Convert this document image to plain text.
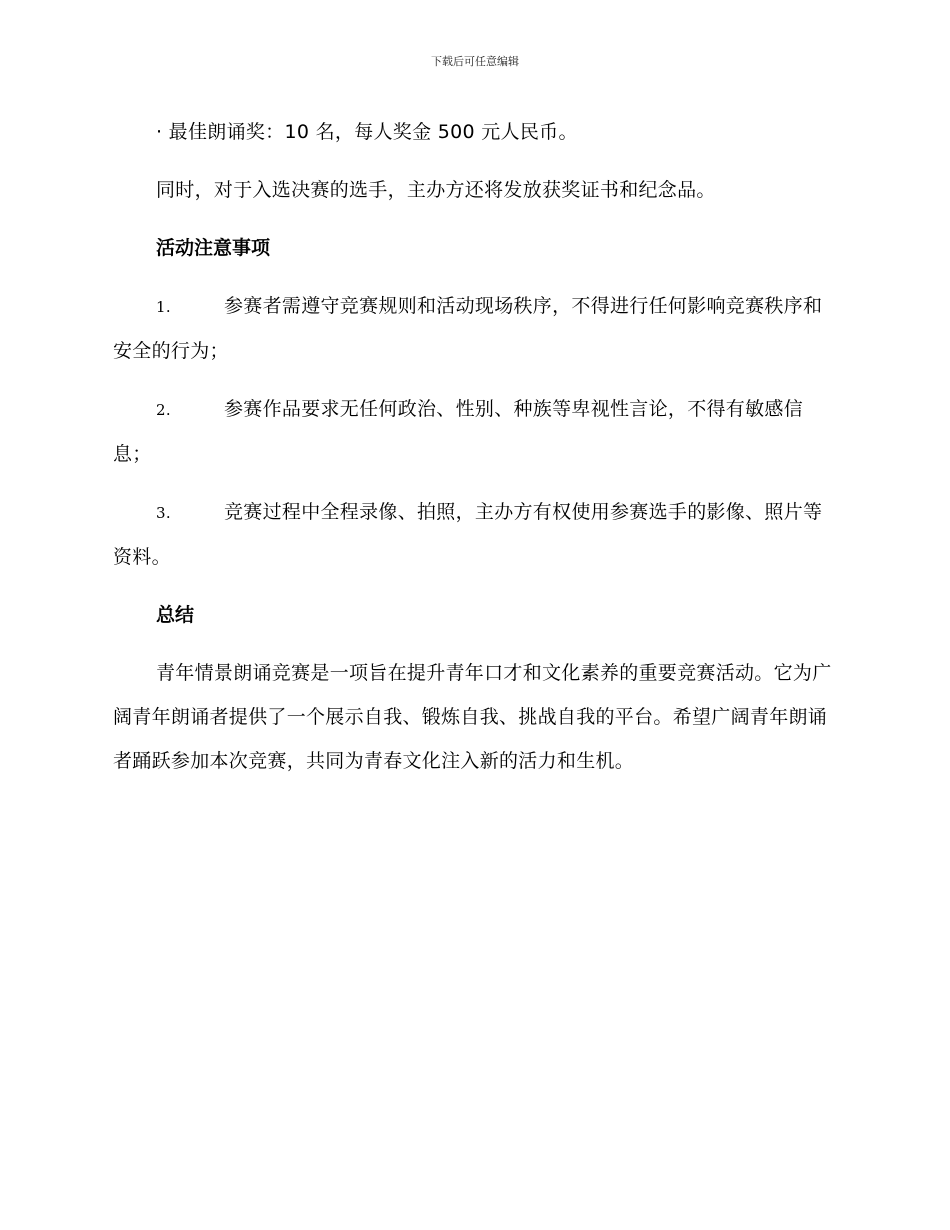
下载后可任意编辑

· 最佳朗诵奖：10 名，每人奖金 500 元人民币。

同时，对于入选决赛的选手，主办方还将发放获奖证书和纪念品。

活动注意事项

1.	参赛者需遵守竞赛规则和活动现场秩序，不得进行任何影响竞赛秩序和安全的行为；

2.	参赛作品要求无任何政治、性别、种族等卑视性言论，不得有敏感信息；

3.	竞赛过程中全程录像、拍照，主办方有权使用参赛选手的影像、照片等资料。

总结

青年情景朗诵竞赛是一项旨在提升青年口才和文化素养的重要竞赛活动。它为广阔青年朗诵者提供了一个展示自我、锻炼自我、挑战自我的平台。希望广阔青年朗诵者踊跃参加本次竞赛，共同为青春文化注入新的活力和生机。
